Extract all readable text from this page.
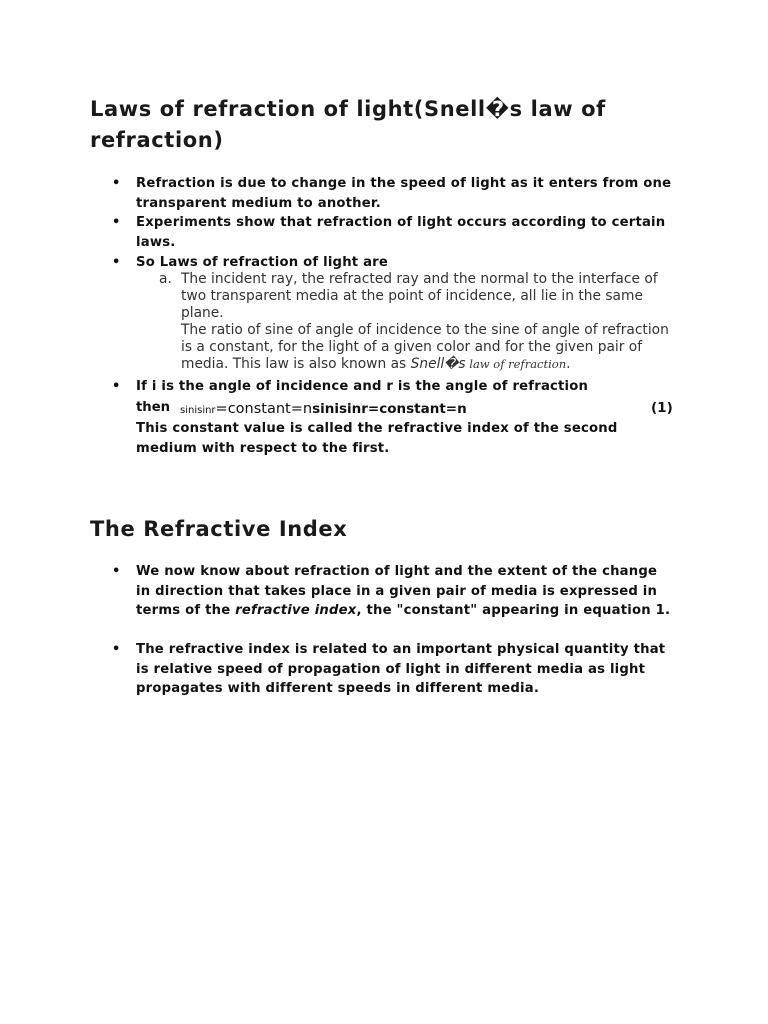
Laws of refraction of light(Snell�s law of refraction)
• Refraction is due to change in the speed of light as it enters from one transparent medium to another.
• Experiments show that refraction of light occurs according to certain laws.
• So Laws of refraction of light are
a. The incident ray, the refracted ray and the normal to the interface of two transparent media at the point of incidence, all lie in the same plane.
The ratio of sine of angle of incidence to the sine of angle of refraction is a constant, for the light of a given color and for the given pair of media. This law is also known as Snell�s law of refraction.
• If i is the angle of incidence and r is the angle of refraction
then sinisinr=constant=nsinisinr=constant=n	(1)
This constant value is called the refractive index of the second medium with respect to the first.
The Refractive Index
• We now know about refraction of light and the extent of the change in direction that takes place in a given pair of media is expressed in terms of the refractive index, the "constant" appearing in equation 1.
• The refractive index is related to an important physical quantity that is relative speed of propagation of light in different media as light propagates with different speeds in different media.
